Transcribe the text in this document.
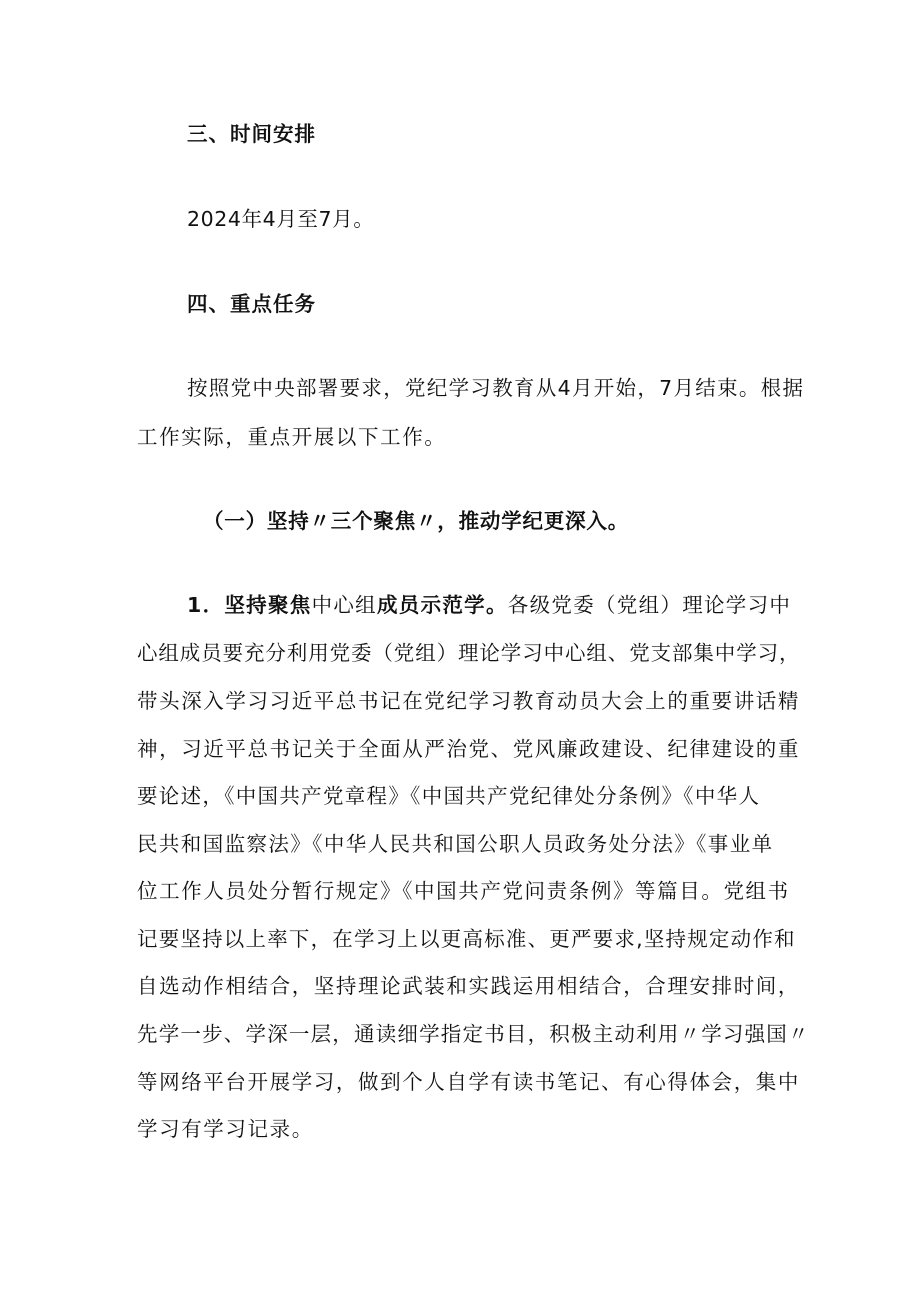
三、时间安排
2024年4月至7月。
四、重点任务
按照党中央部署要求，党纪学习教育从4月开始，7月结束。根据
工作实际，重点开展以下工作。
（一）坚持〃三个聚焦〃，推动学纪更深入。
1．坚持聚焦中心组成员示范学。各级党委（党组）理论学习中
心组成员要充分利用党委（党组）理论学习中心组、党支部集中学习，
带头深入学习习近平总书记在党纪学习教育动员大会上的重要讲话精
神，习近平总书记关于全面从严治党、党风廉政建设、纪律建设的重
要论述，《中国共产党章程》《中国共产党纪律处分条例》《中华人
民共和国监察法》《中华人民共和国公职人员政务处分法》《事业单
位工作人员处分暂行规定》《中国共产党问责条例》等篇目。党组书
记要坚持以上率下，在学习上以更高标准、更严要求,坚持规定动作和
自选动作相结合，坚持理论武装和实践运用相结合，合理安排时间，
先学一步、学深一层，通读细学指定书目，积极主动利用〃学习强国〃
等网络平台开展学习，做到个人自学有读书笔记、有心得体会，集中
学习有学习记录。
